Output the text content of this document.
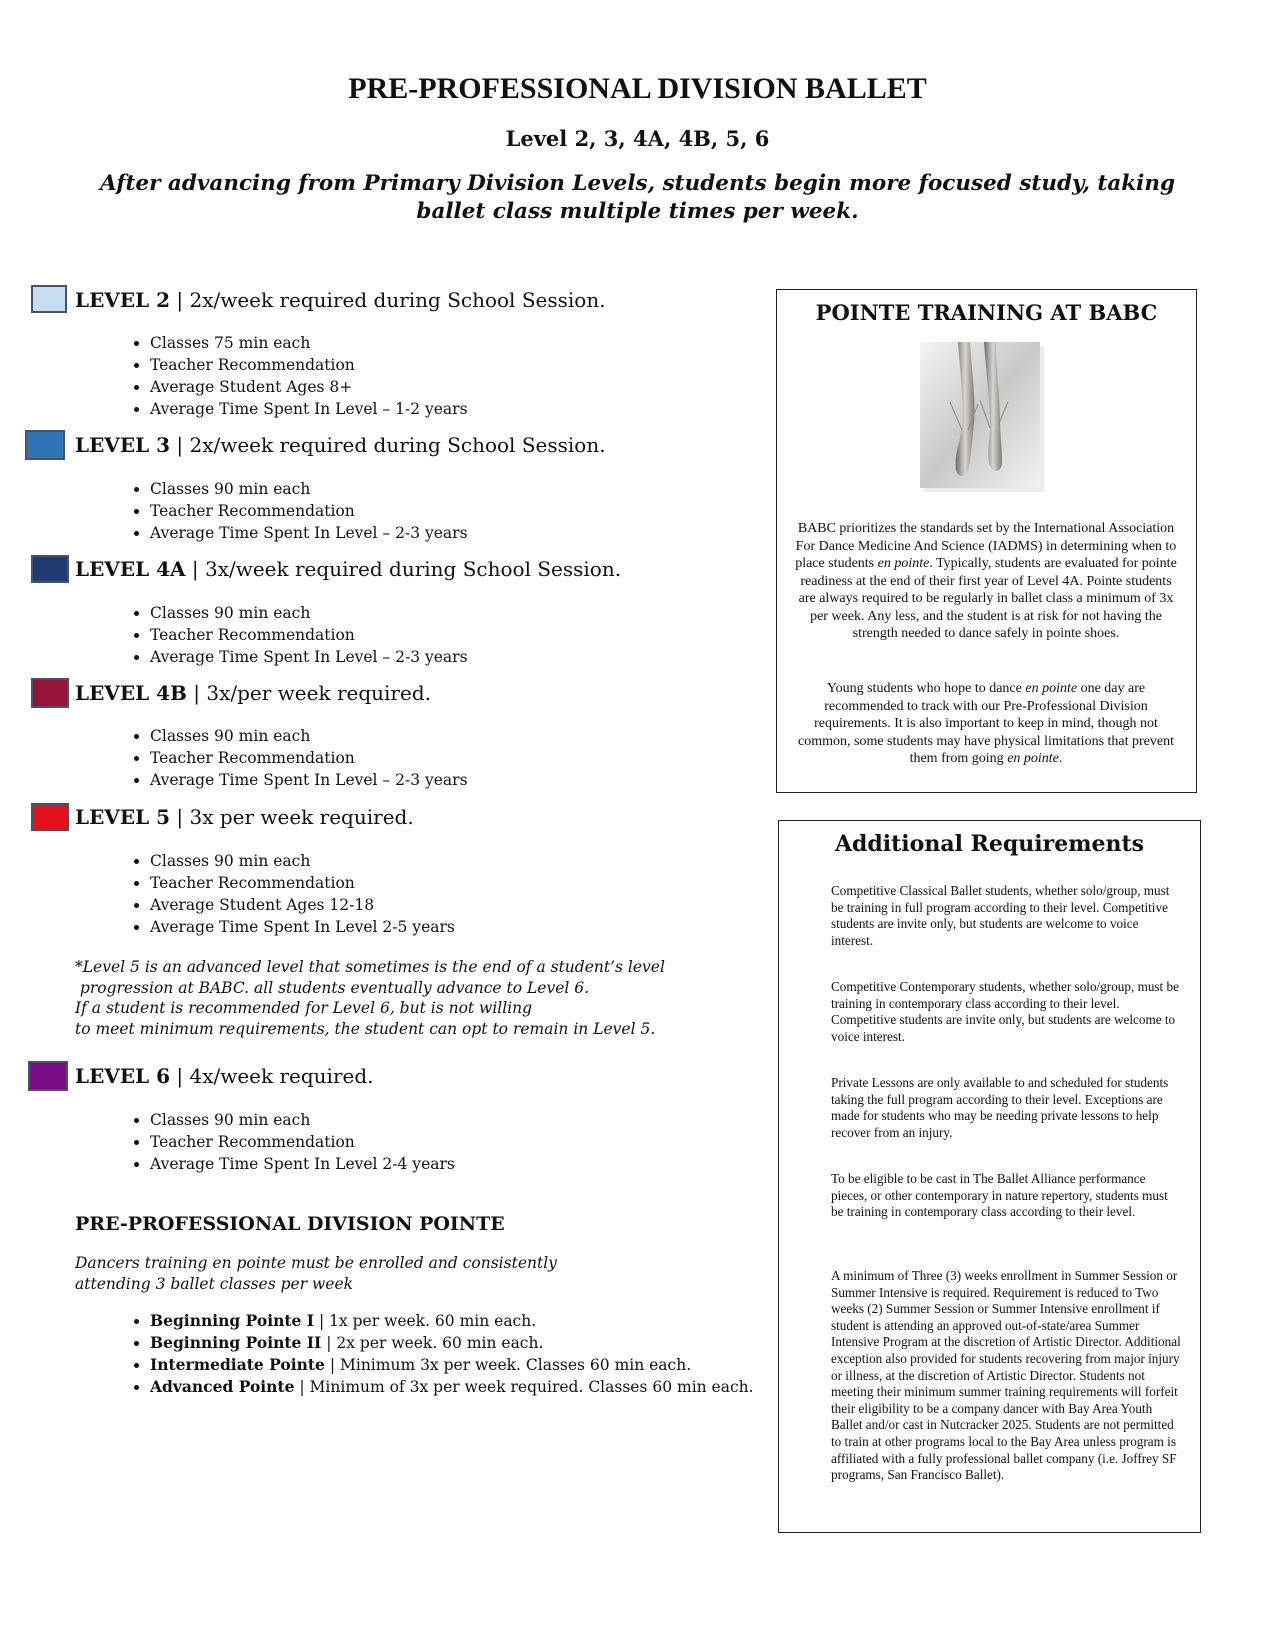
PRE-PROFESSIONAL DIVISION BALLET
Level 2, 3, 4A, 4B, 5, 6
After advancing from Primary Division Levels, students begin more focused study, taking ballet class multiple times per week.
LEVEL 2 | 2x/week required during School Session.
• Classes 75 min each
• Teacher Recommendation
• Average Student Ages 8+
• Average Time Spent In Level – 1-2 years
LEVEL 3 | 2x/week required during School Session.
• Classes 90 min each
• Teacher Recommendation
• Average Time Spent In Level – 2-3 years
LEVEL 4A | 3x/week required during School Session.
• Classes 90 min each
• Teacher Recommendation
• Average Time Spent In Level – 2-3 years
LEVEL 4B | 3x/per week required.
• Classes 90 min each
• Teacher Recommendation
• Average Time Spent In Level – 2-3 years
LEVEL 5 | 3x per week required.
• Classes 90 min each
• Teacher Recommendation
• Average Student Ages 12-18
• Average Time Spent In Level 2-5 years
*Level 5 is an advanced level that sometimes is the end of a student’s level
progression at BABC. all students eventually advance to Level 6.
If a student is recommended for Level 6, but is not willing
to meet minimum requirements, the student can opt to remain in Level 5.
LEVEL 6 | 4x/week required.
• Classes 90 min each
• Teacher Recommendation
• Average Time Spent In Level 2-4 years
PRE-PROFESSIONAL DIVISION POINTE
Dancers training en pointe must be enrolled and consistently
attending 3 ballet classes per week
• Beginning Pointe I | 1x per week. 60 min each.
• Beginning Pointe II | 2x per week. 60 min each.
• Intermediate Pointe | Minimum 3x per week. Classes 60 min each.
• Advanced Pointe | Minimum of 3x per week required. Classes 60 min each.
POINTE TRAINING AT BABC
BABC prioritizes the standards set by the International Association For Dance Medicine And Science (IADMS) in determining when to place students en pointe. Typically, students are evaluated for pointe readiness at the end of their first year of Level 4A. Pointe students are always required to be regularly in ballet class a minimum of 3x per week. Any less, and the student is at risk for not having the strength needed to dance safely in pointe shoes.
Young students who hope to dance en pointe one day are recommended to track with our Pre-Professional Division requirements. It is also important to keep in mind, though not common, some students may have physical limitations that prevent them from going en pointe.
Additional Requirements
Competitive Classical Ballet students, whether solo/group, must be training in full program according to their level. Competitive students are invite only, but students are welcome to voice interest.
Competitive Contemporary students, whether solo/group, must be training in contemporary class according to their level. Competitive students are invite only, but students are welcome to voice interest.
Private Lessons are only available to and scheduled for students taking the full program according to their level. Exceptions are made for students who may be needing private lessons to help recover from an injury.
To be eligible to be cast in The Ballet Alliance performance pieces, or other contemporary in nature repertory, students must be training in contemporary class according to their level.
A minimum of Three (3) weeks enrollment in Summer Session or Summer Intensive is required. Requirement is reduced to Two weeks (2) Summer Session or Summer Intensive enrollment if student is attending an approved out-of-state/area Summer Intensive Program at the discretion of Artistic Director. Additional exception also provided for students recovering from major injury or illness, at the discretion of Artistic Director. Students not meeting their minimum summer training requirements will forfeit their eligibility to be a company dancer with Bay Area Youth Ballet and/or cast in Nutcracker 2025. Students are not permitted to train at other programs local to the Bay Area unless program is affiliated with a fully professional ballet company (i.e. Joffrey SF programs, San Francisco Ballet).
